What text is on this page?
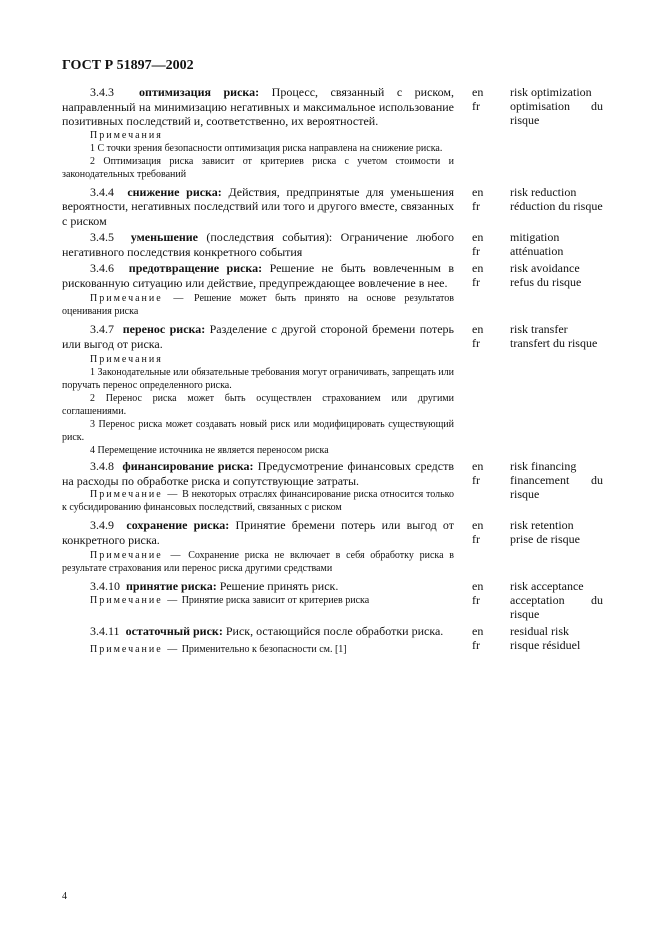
ГОСТ Р 51897—2002

3.4.3 оптимизация риска: Процесс, связанный с риском, направленный на минимизацию негативных и максимальное использование позитивных последствий и, соответственно, их вероятностей.

en risk optimization
fr	optimisation du risque

Примечания

1 С точки зрения безопасности оптимизация риска направлена на снижение риска.

2 Оптимизация риска зависит от критериев риска с учетом стоимости и законодательных требований

3.4.4 снижение риска: Действия, предпринятые для уменьшения вероятности, негативных последствий или того и другого вместе, связанных с риском

en risk reduction
fr	réduction du risque

3.4.5 уменьшение (последствия события): Ограничение любого негативного последствия конкретного события

en mitigation
fr	atténuation

3.4.6 предотвращение риска: Решение не быть вовлеченным в рискованную ситуацию или действие, предупреждающее вовлечение в нее.

en risk avoidance
fr	refus du risque

Примечание — Решение может быть принято на основе результатов оценивания риска

3.4.7 перенос риска: Разделение с другой стороной бремени потерь или выгод от риска.

en risk transfer
fr	transfert du risque

Примечания

1 Законодательные или обязательные требования могут ограничивать, запрещать или поручать перенос определенного риска.

2 Перенос риска может быть осуществлен страхованием или другими соглашениями.

3 Перенос риска может создавать новый риск или модифицировать существующий риск.

4 Перемещение источника не является переносом риска

3.4.8 финансирование риска: Предусмотрение финансовых средств на расходы по обработке риска и сопутствующие затраты.

en risk financing
fr	financement du risque

Примечание — В некоторых отраслях финансирование риска относится только к субсидированию финансовых последствий, связанных с риском

3.4.9 сохранение риска: Принятие бремени потерь или выгод от конкретного риска.

en risk retention
fr	prise de risque

Примечание — Сохранение риска не включает в себя обработку риска в результате страхования или перенос риска другими средствами

3.4.10 принятие риска: Решение принять риск.	en risk acceptance
fr	acceptation du risque

Примечание — Принятие риска зависит от критериев риска

3.4.11 остаточный риск: Риск, остающийся после обработки риска.	en residual risk
fr	risque résiduel

Примечание — Применительно к безопасности см. [1]

4
